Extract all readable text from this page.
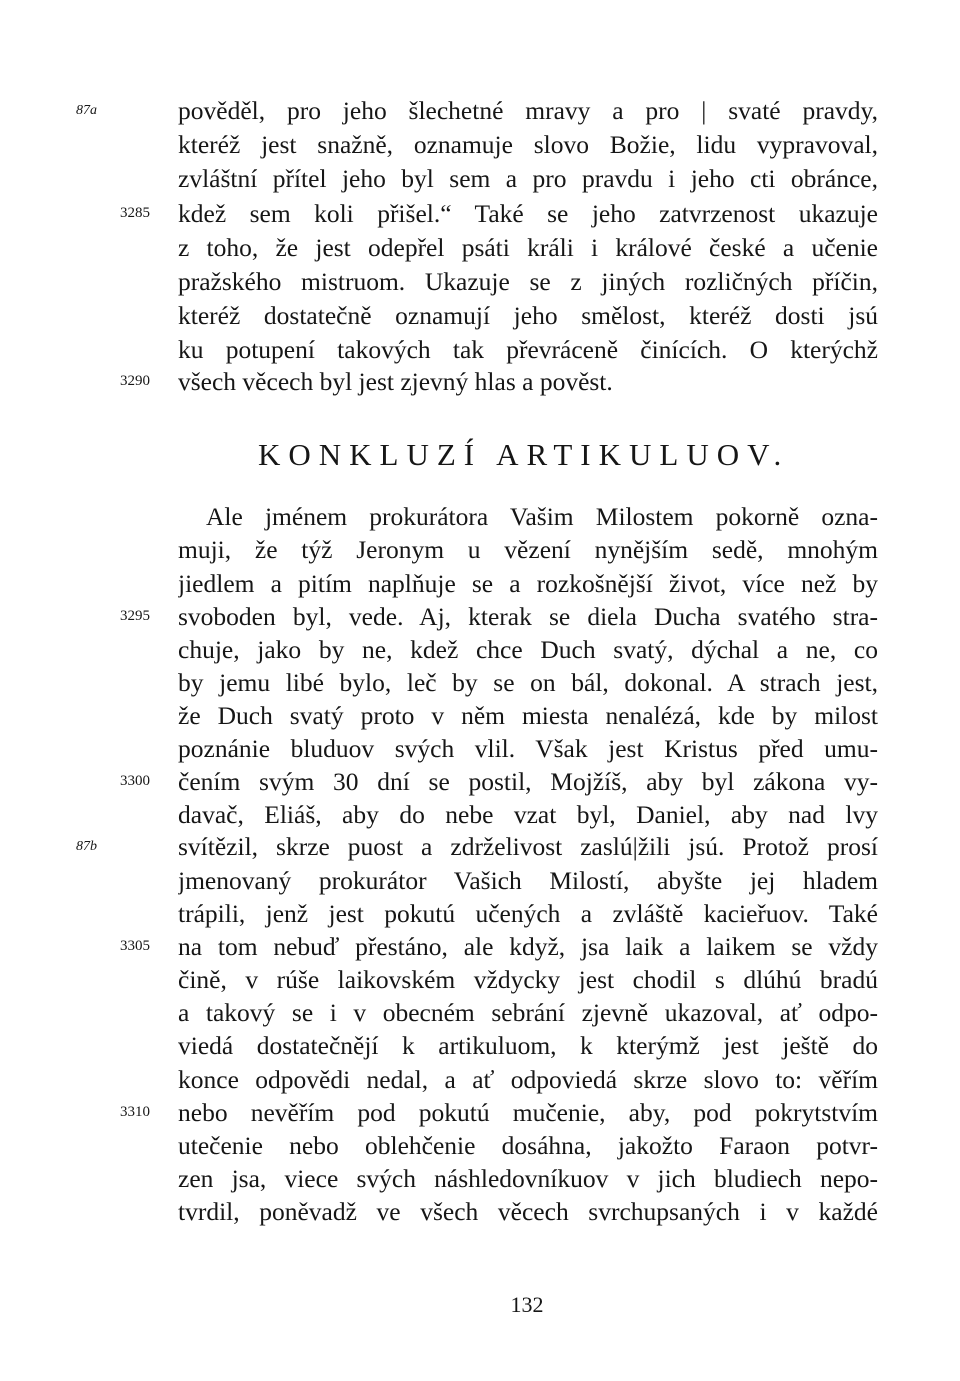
87a
87b
3285
3290
3295
3300
3305
3310
pověděl, pro jeho šlechetné mravy a pro | svaté pravdy,
kteréž jest snažně, oznamuje slovo Božie, lidu vypravoval,
zvláštní přítel jeho byl sem a pro pravdu i jeho cti obránce,
kdež sem koli přišel.“ Také se jeho zatvrzenost ukazuje
z toho, že jest odepřel psáti králi i králové české a učenie
pražského mistruom. Ukazuje se z jiných rozličných příčin,
kteréž dostatečně oznamují jeho smělost, kteréž dosti jsú
ku potupení takových tak převráceně činících. O kterýchž
všech věcech byl jest zjevný hlas a pověst.
KONKLUZÍ ARTIKULUOV.
Ale jménem prokurátora Vašim Milostem pokorně ozna-
muji, že týž Jeronym u vězení nynějším sedě, mnohým
jiedlem a pitím naplňuje se a rozkošnější život, více než by
svoboden byl, vede. Aj, kterak se diela Ducha svatého stra-
chuje, jako by ne, kdež chce Duch svatý, dýchal a ne, co
by jemu libé bylo, leč by se on bál, dokonal. A strach jest,
že Duch svatý proto v něm miesta nenalézá, kde by milost
poznánie bluduov svých vlil. Však jest Kristus před umu-
čením svým 30 dní se postil, Mojžíš, aby byl zákona vy-
davač, Eliáš, aby do nebe vzat byl, Daniel, aby nad lvy
svítězil, skrze puost a zdrželivost zaslú|žili jsú. Protož prosí
jmenovaný prokurátor Vašich Milostí, abyšte jej hladem
trápili, jenž jest pokutú učených a zvláště kacieřuov. Také
na tom nebuď přestáno, ale když, jsa laik a laikem se vždy
čině, v rúše laikovském vždycky jest chodil s dlúhú bradú
a takový se i v obecném sebrání zjevně ukazoval, ať odpo-
viedá dostatečnějí k artikuluom, k kterýmž jest ještě do
konce odpovědi nedal, a ať odpoviedá skrze slovo to: věřím
nebo nevěřím pod pokutú mučenie, aby, pod pokrytstvím
utečenie nebo oblehčenie dosáhna, jakožto Faraon potvr-
zen jsa, viece svých náshledovníkuov v jich bludiech nepo-
tvrdil, poněvadž ve všech věcech svrchupsaných i v každé
132
